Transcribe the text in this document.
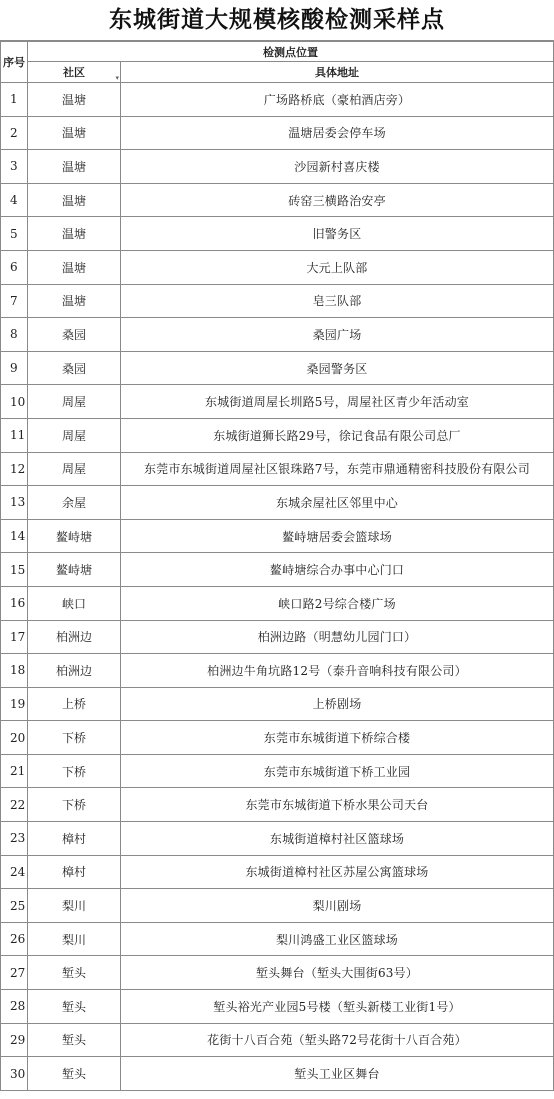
东城街道大规模核酸检测采样点
序号	检测点位置	
	社区 ▾	具体地址
1	温塘	广场路桥底（豪柏酒店旁）
2	温塘	温塘居委会停车场
3	温塘	沙园新村喜庆楼
4	温塘	砖窑三横路治安亭
5	温塘	旧警务区
6	温塘	大元上队部
7	温塘	皂三队部
8	桑园	桑园广场
9	桑园	桑园警务区
10	周屋	东城街道周屋长圳路5号，周屋社区青少年活动室
11	周屋	东城街道狮长路29号，徐记食品有限公司总厂
12	周屋	东莞市东城街道周屋社区银珠路7号，东莞市鼎通精密科技股份有限公司
13	余屋	东城余屋社区邻里中心
14	鳌峙塘	鳌峙塘居委会篮球场
15	鳌峙塘	鳌峙塘综合办事中心门口
16	峡口	峡口路2号综合楼广场
17	柏洲边	柏洲边路（明慧幼儿园门口）
18	柏洲边	柏洲边牛角坑路12号（泰升音响科技有限公司）
19	上桥	上桥剧场
20	下桥	东莞市东城街道下桥综合楼
21	下桥	东莞市东城街道下桥工业园
22	下桥	东莞市东城街道下桥水果公司天台
23	樟村	东城街道樟村社区篮球场
24	樟村	东城街道樟村社区苏屋公寓篮球场
25	梨川	梨川剧场
26	梨川	梨川鸿盛工业区篮球场
27	堑头	堑头舞台（堑头大围街63号）
28	堑头	堑头裕光产业园5号楼（堑头新楼工业街1号）
29	堑头	花街十八百合苑（堑头路72号花街十八百合苑）
30	堑头	堑头工业区舞台
